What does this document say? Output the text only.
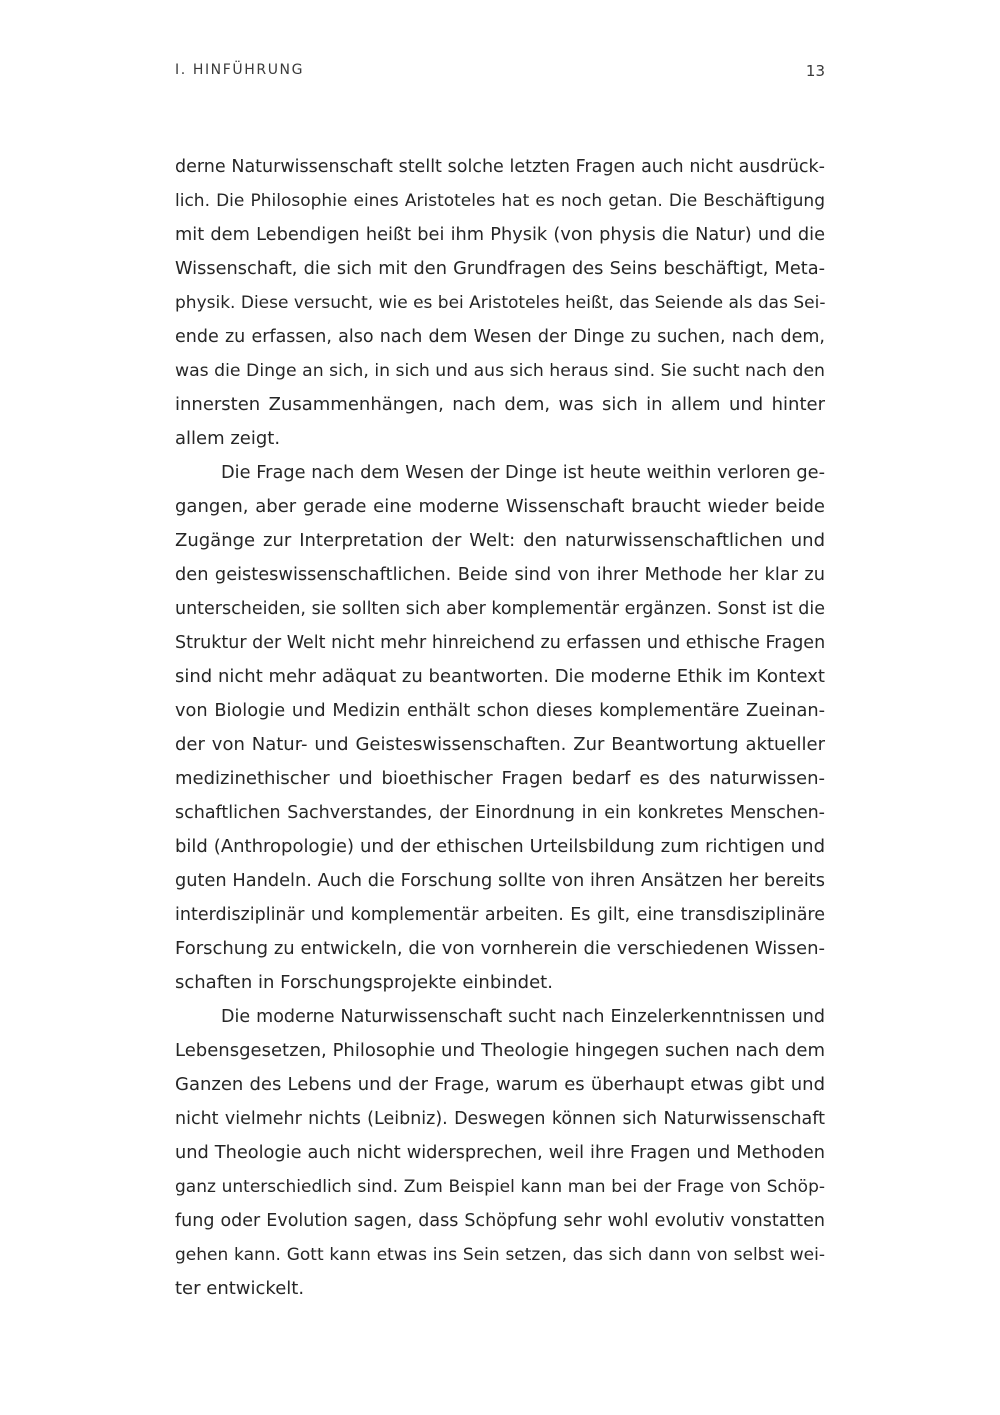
I. HINFÜHRUNG	13
derne Naturwissenschaft stellt solche letzten Fragen auch nicht ausdrück-
lich. Die Philosophie eines Aristoteles hat es noch getan. Die Beschäftigung
mit dem Lebendigen heißt bei ihm Physik (von physis die Natur) und die
Wissenschaft, die sich mit den Grundfragen des Seins beschäftigt, Meta-
physik. Diese versucht, wie es bei Aristoteles heißt, das Seiende als das Sei-
ende zu erfassen, also nach dem Wesen der Dinge zu suchen, nach dem,
was die Dinge an sich, in sich und aus sich heraus sind. Sie sucht nach den
innersten Zusammenhängen, nach dem, was sich in allem und hinter
allem zeigt.
Die Frage nach dem Wesen der Dinge ist heute weithin verloren ge-
gangen, aber gerade eine moderne Wissenschaft braucht wieder beide
Zugänge zur Interpretation der Welt: den naturwissenschaftlichen und
den geisteswissenschaftlichen. Beide sind von ihrer Methode her klar zu
unterscheiden, sie sollten sich aber komplementär ergänzen. Sonst ist die
Struktur der Welt nicht mehr hinreichend zu erfassen und ethische Fragen
sind nicht mehr adäquat zu beantworten. Die moderne Ethik im Kontext
von Biologie und Medizin enthält schon dieses komplementäre Zueinan-
der von Natur- und Geisteswissenschaften. Zur Beantwortung aktueller
medizinethischer und bioethischer Fragen bedarf es des naturwissen-
schaftlichen Sachverstandes, der Einordnung in ein konkretes Menschen-
bild (Anthropologie) und der ethischen Urteilsbildung zum richtigen und
guten Handeln. Auch die Forschung sollte von ihren Ansätzen her bereits
interdisziplinär und komplementär arbeiten. Es gilt, eine transdisziplinäre
Forschung zu entwickeln, die von vornherein die verschiedenen Wissen-
schaften in Forschungsprojekte einbindet.
Die moderne Naturwissenschaft sucht nach Einzelerkenntnissen und
Lebensgesetzen, Philosophie und Theologie hingegen suchen nach dem
Ganzen des Lebens und der Frage, warum es überhaupt etwas gibt und
nicht vielmehr nichts (Leibniz). Deswegen können sich Naturwissenschaft
und Theologie auch nicht widersprechen, weil ihre Fragen und Methoden
ganz unterschiedlich sind. Zum Beispiel kann man bei der Frage von Schöp-
fung oder Evolution sagen, dass Schöpfung sehr wohl evolutiv vonstatten
gehen kann. Gott kann etwas ins Sein setzen, das sich dann von selbst wei-
ter entwickelt.
